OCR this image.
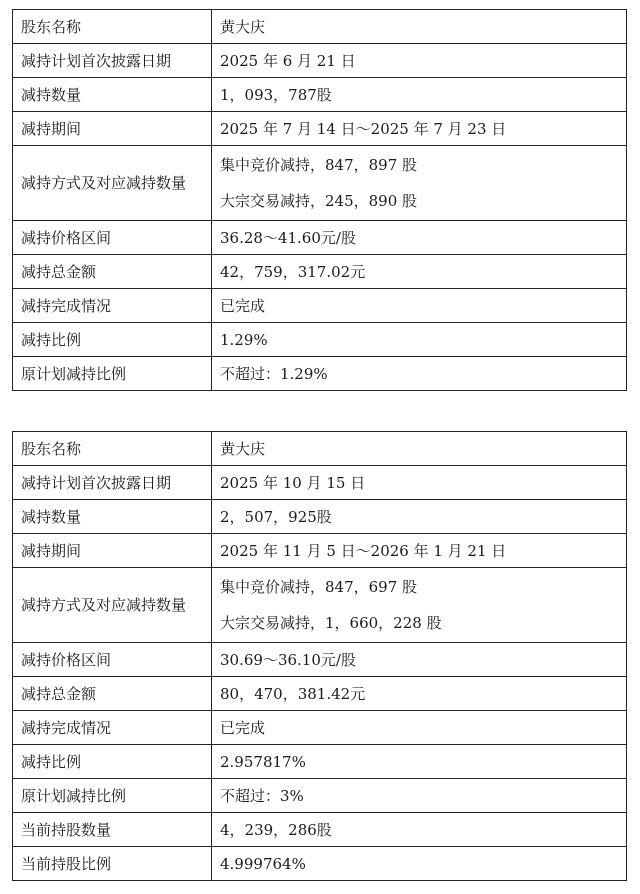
股东名称	黄大庆
减持计划首次披露日期	2025 年 6 月 21 日
减持数量	1，093，787股
减持期间	2025 年 7 月 14 日～2025 年 7 月 23 日
减持方式及对应减持数量	集中竞价减持，847，897 股
大宗交易减持，245，890 股

减持价格区间	36.28～41.60元/股
减持总金额	42，759，317.02元
减持完成情况	已完成
减持比例	1.29%
原计划减持比例	不超过：1.29%
股东名称	黄大庆
减持计划首次披露日期	2025 年 10 月 15 日
减持数量	2，507，925股
减持期间	2025 年 11 月 5 日～2026 年 1 月 21 日
减持方式及对应减持数量	集中竞价减持，847，697 股
大宗交易减持，1，660，228 股

减持价格区间	30.69～36.10元/股
减持总金额	80，470，381.42元
减持完成情况	已完成
减持比例	2.957817%
原计划减持比例	不超过：3%
当前持股数量	4，239，286股
当前持股比例	4.999764%
